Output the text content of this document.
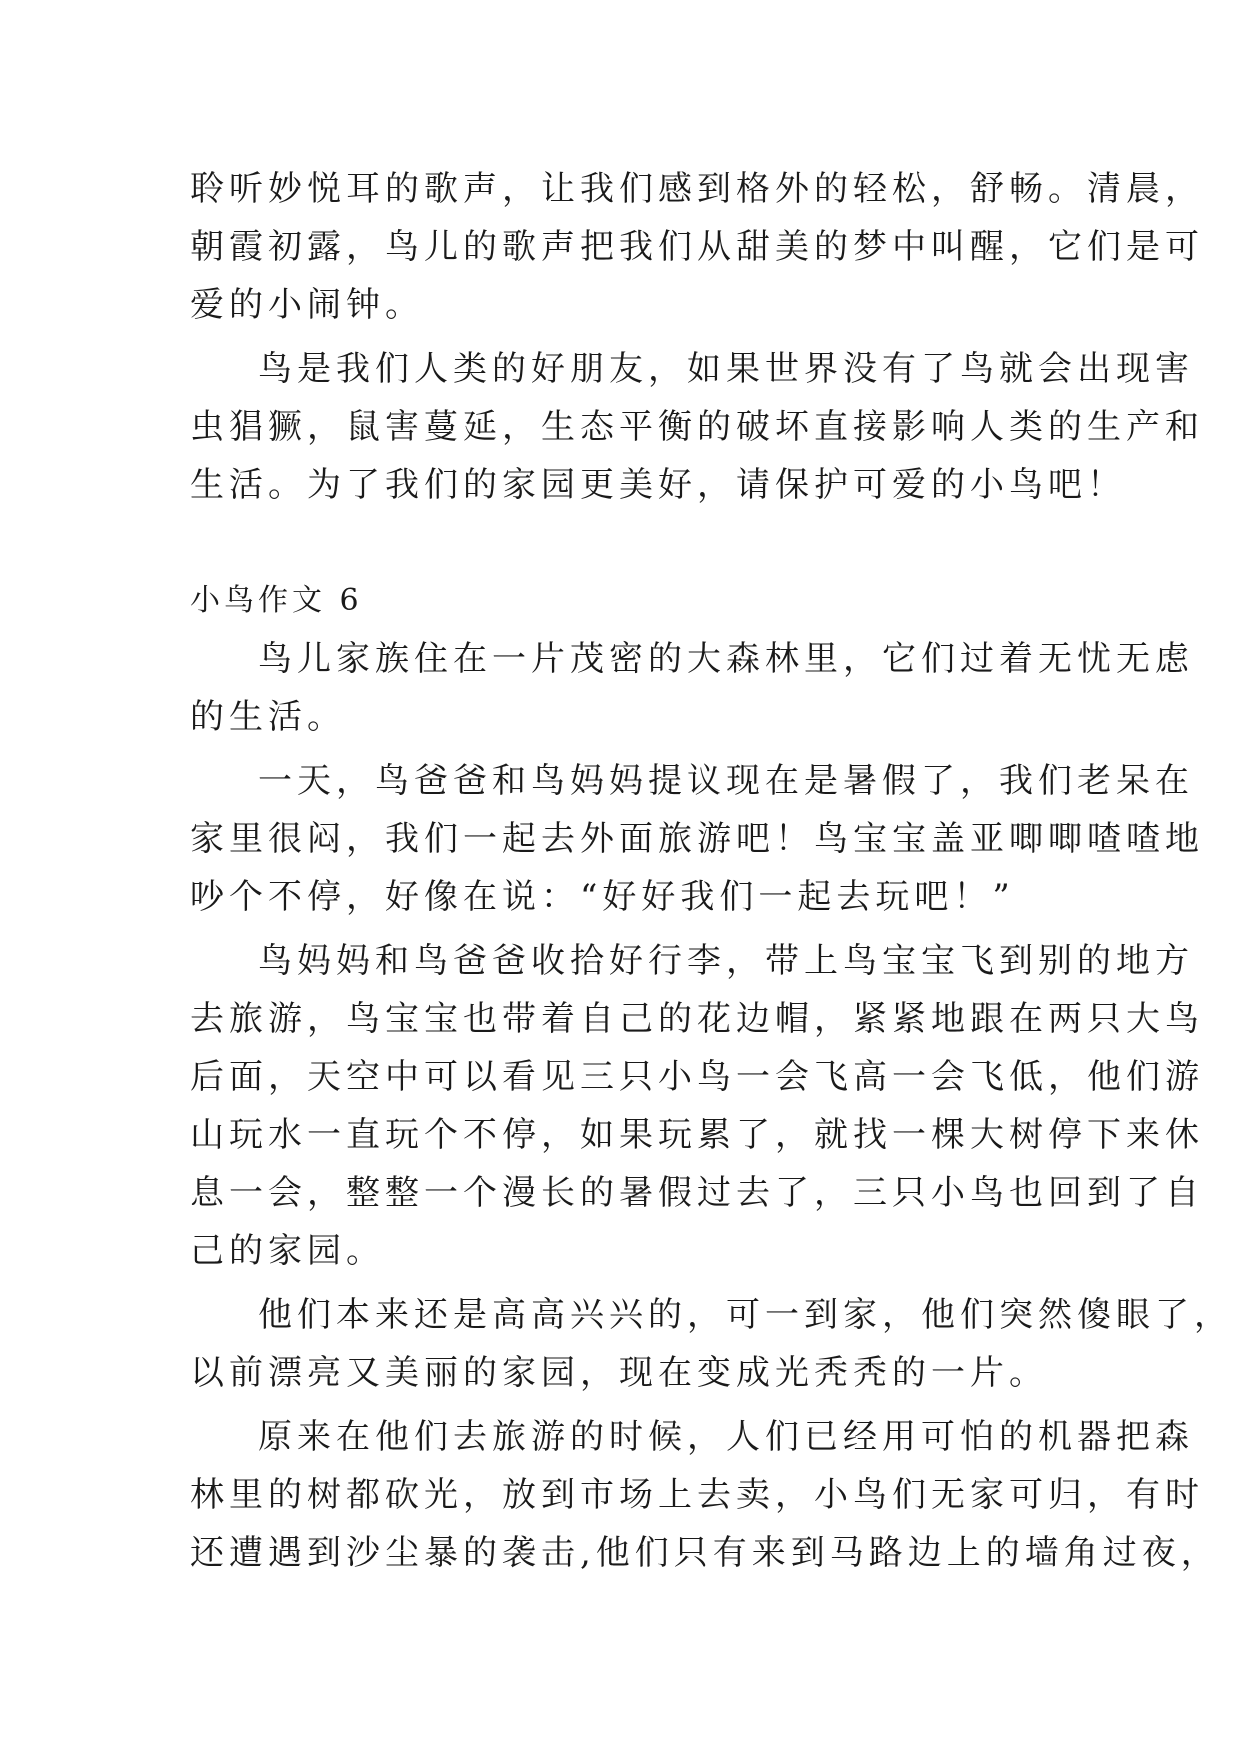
聆听妙悦耳的歌声，让我们感到格外的轻松，舒畅。清晨，
朝霞初露，鸟儿的歌声把我们从甜美的梦中叫醒，它们是可
爱的小闹钟。
鸟是我们人类的好朋友，如果世界没有了鸟就会出现害
虫猖獗，鼠害蔓延，生态平衡的破坏直接影响人类的生产和
生活。为了我们的家园更美好，请保护可爱的小鸟吧！
小鸟作文 6
鸟儿家族住在一片茂密的大森林里，它们过着无忧无虑
的生活。
一天，鸟爸爸和鸟妈妈提议现在是暑假了，我们老呆在
家里很闷，我们一起去外面旅游吧！鸟宝宝盖亚唧唧喳喳地
吵个不停，好像在说：“好好我们一起去玩吧！”
鸟妈妈和鸟爸爸收拾好行李，带上鸟宝宝飞到别的地方
去旅游，鸟宝宝也带着自己的花边帽，紧紧地跟在两只大鸟
后面，天空中可以看见三只小鸟一会飞高一会飞低，他们游
山玩水一直玩个不停，如果玩累了，就找一棵大树停下来休
息一会，整整一个漫长的暑假过去了，三只小鸟也回到了自
己的家园。
他们本来还是高高兴兴的，可一到家，他们突然傻眼了，
以前漂亮又美丽的家园，现在变成光秃秃的一片。
原来在他们去旅游的时候，人们已经用可怕的机器把森
林里的树都砍光，放到市场上去卖，小鸟们无家可归，有时
还遭遇到沙尘暴的袭击,他们只有来到马路边上的墙角过夜，
